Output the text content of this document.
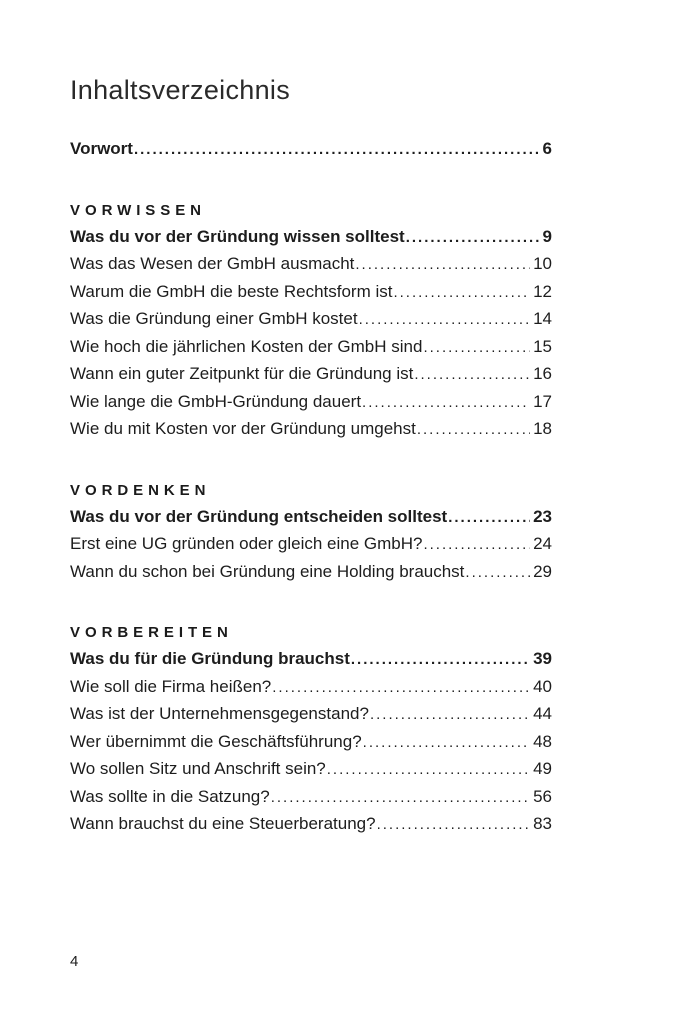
Inhaltsverzeichnis
Vorwort .....	6
VORWISSEN
Was du vor der Gründung wissen solltest .....	9
Was das Wesen der GmbH ausmacht .....	10
Warum die GmbH die beste Rechtsform ist .....	12
Was die Gründung einer GmbH kostet .....	14
Wie hoch die jährlichen Kosten der GmbH sind .....	15
Wann ein guter Zeitpunkt für die Gründung ist .....	16
Wie lange die GmbH-Gründung dauert .....	17
Wie du mit Kosten vor der Gründung umgehst .....	18
VORDENKEN
Was du vor der Gründung entscheiden solltest .....	23
Erst eine UG gründen oder gleich eine GmbH? .....	24
Wann du schon bei Gründung eine Holding brauchst .....	29
VORBEREITEN
Was du für die Gründung brauchst .....	39
Wie soll die Firma heißen? .....	40
Was ist der Unternehmensgegenstand? .....	44
Wer übernimmt die Geschäftsführung? .....	48
Wo sollen Sitz und Anschrift sein? .....	49
Was sollte in die Satzung? .....	56
Wann brauchst du eine Steuerberatung? .....	83
4
